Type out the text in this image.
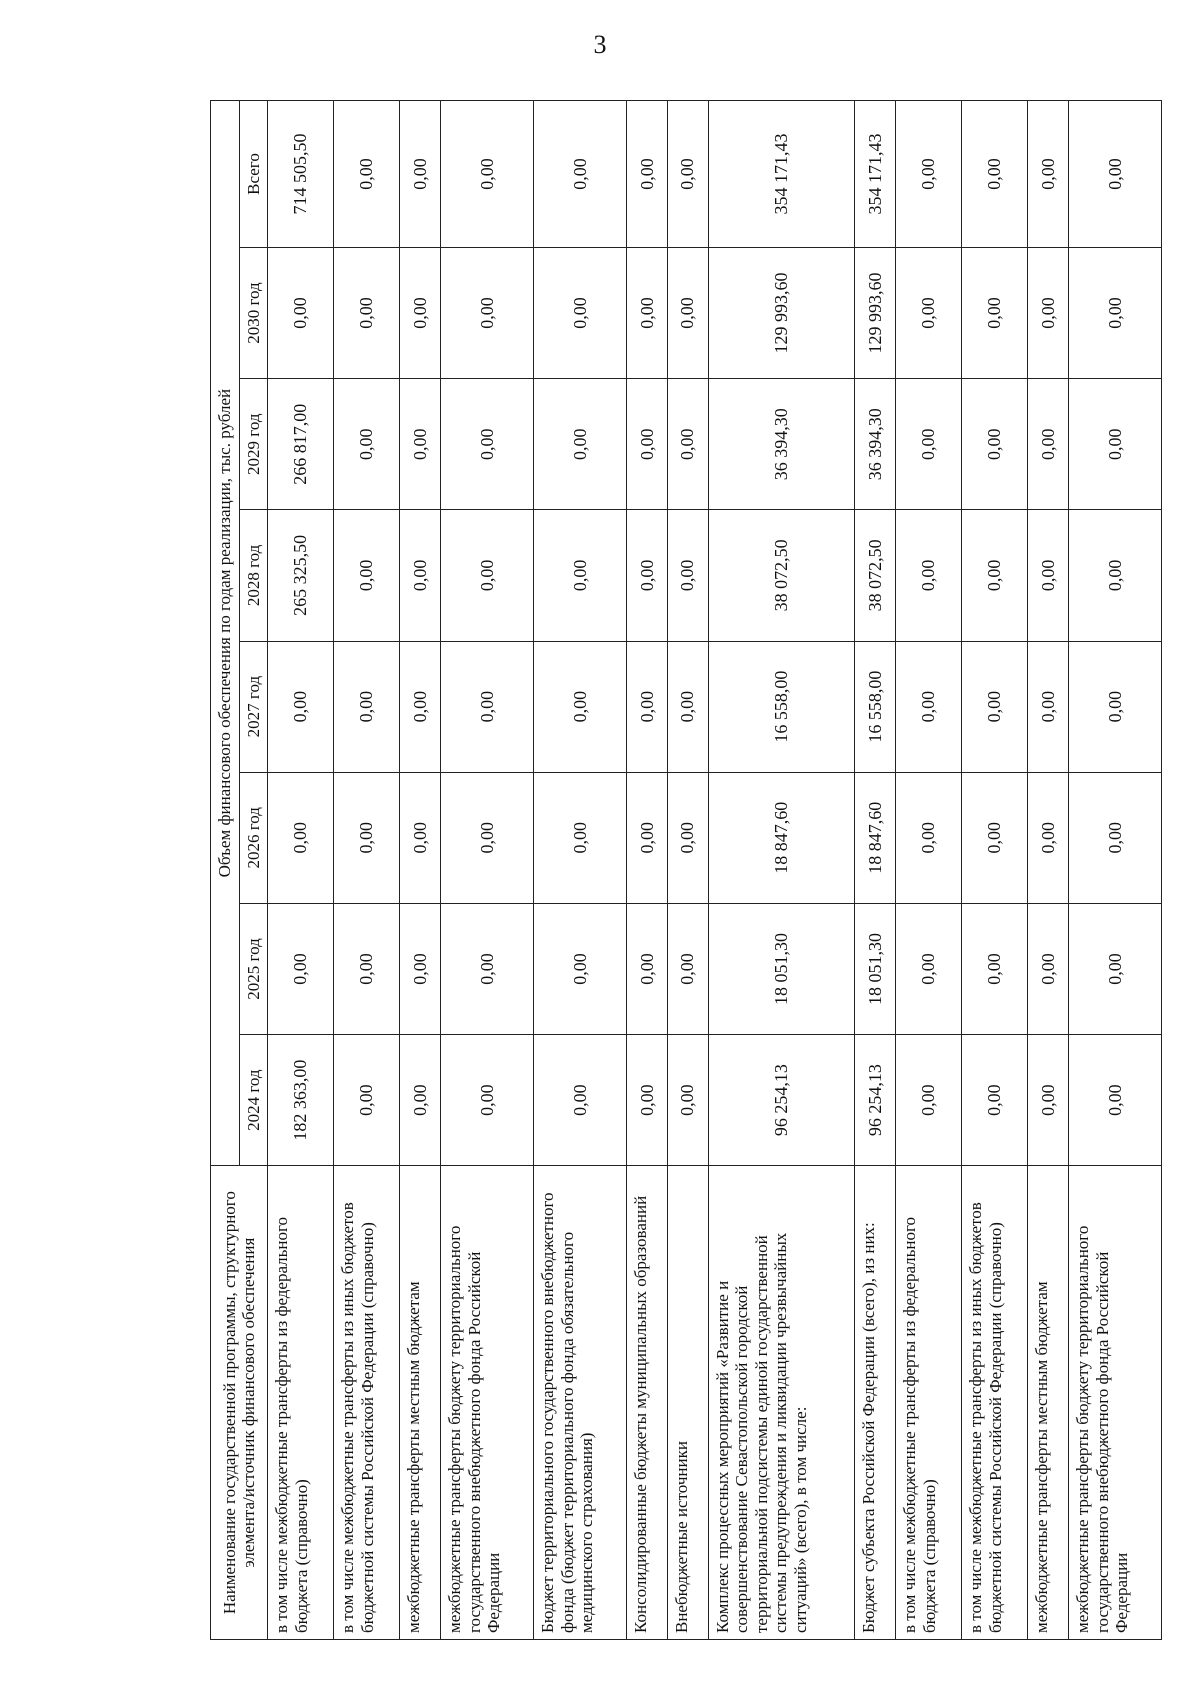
3
Наименование государственной программы, структурного элемента/источник финансового обеспечения	Объем финансового обеспечения по годам реализации, тыс. рублей							
	2024 год	2025 год	2026 год	2027 год	2028 год	2029 год	2030 год	Всего
в том числе межбюджетные трансферты из федерального бюджета (справочно)	182 363,00	0,00	0,00	0,00	265 325,50	266 817,00	0,00	714 505,50
в том числе межбюджетные трансферты из иных бюджетов бюджетной системы Российской Федерации (справочно)	0,00	0,00	0,00	0,00	0,00	0,00	0,00	0,00
межбюджетные трансферты местным бюджетам	0,00	0,00	0,00	0,00	0,00	0,00	0,00	0,00
межбюджетные трансферты бюджету территориального государственного внебюджетного фонда Российской Федерации	0,00	0,00	0,00	0,00	0,00	0,00	0,00	0,00
Бюджет территориального государственного внебюджетного фонда (бюджет территориального фонда обязательного медицинского страхования)	0,00	0,00	0,00	0,00	0,00	0,00	0,00	0,00
Консолидированные бюджеты муниципальных образований	0,00	0,00	0,00	0,00	0,00	0,00	0,00	0,00
Внебюджетные источники	0,00	0,00	0,00	0,00	0,00	0,00	0,00	0,00
Комплекс процессных мероприятий «Развитие и совершенствование Севастопольской городской территориальной подсистемы единой государственной системы предупреждения и ликвидации чрезвычайных ситуаций» (всего), в том числе:	96 254,13	18 051,30	18 847,60	16 558,00	38 072,50	36 394,30	129 993,60	354 171,43
Бюджет субъекта Российской Федерации (всего), из них:	96 254,13	18 051,30	18 847,60	16 558,00	38 072,50	36 394,30	129 993,60	354 171,43
в том числе межбюджетные трансферты из федерального бюджета (справочно)	0,00	0,00	0,00	0,00	0,00	0,00	0,00	0,00
в том числе межбюджетные трансферты из иных бюджетов бюджетной системы Российской Федерации (справочно)	0,00	0,00	0,00	0,00	0,00	0,00	0,00	0,00
межбюджетные трансферты местным бюджетам	0,00	0,00	0,00	0,00	0,00	0,00	0,00	0,00
межбюджетные трансферты бюджету территориального государственного внебюджетного фонда Российской Федерации	0,00	0,00	0,00	0,00	0,00	0,00	0,00	0,00
